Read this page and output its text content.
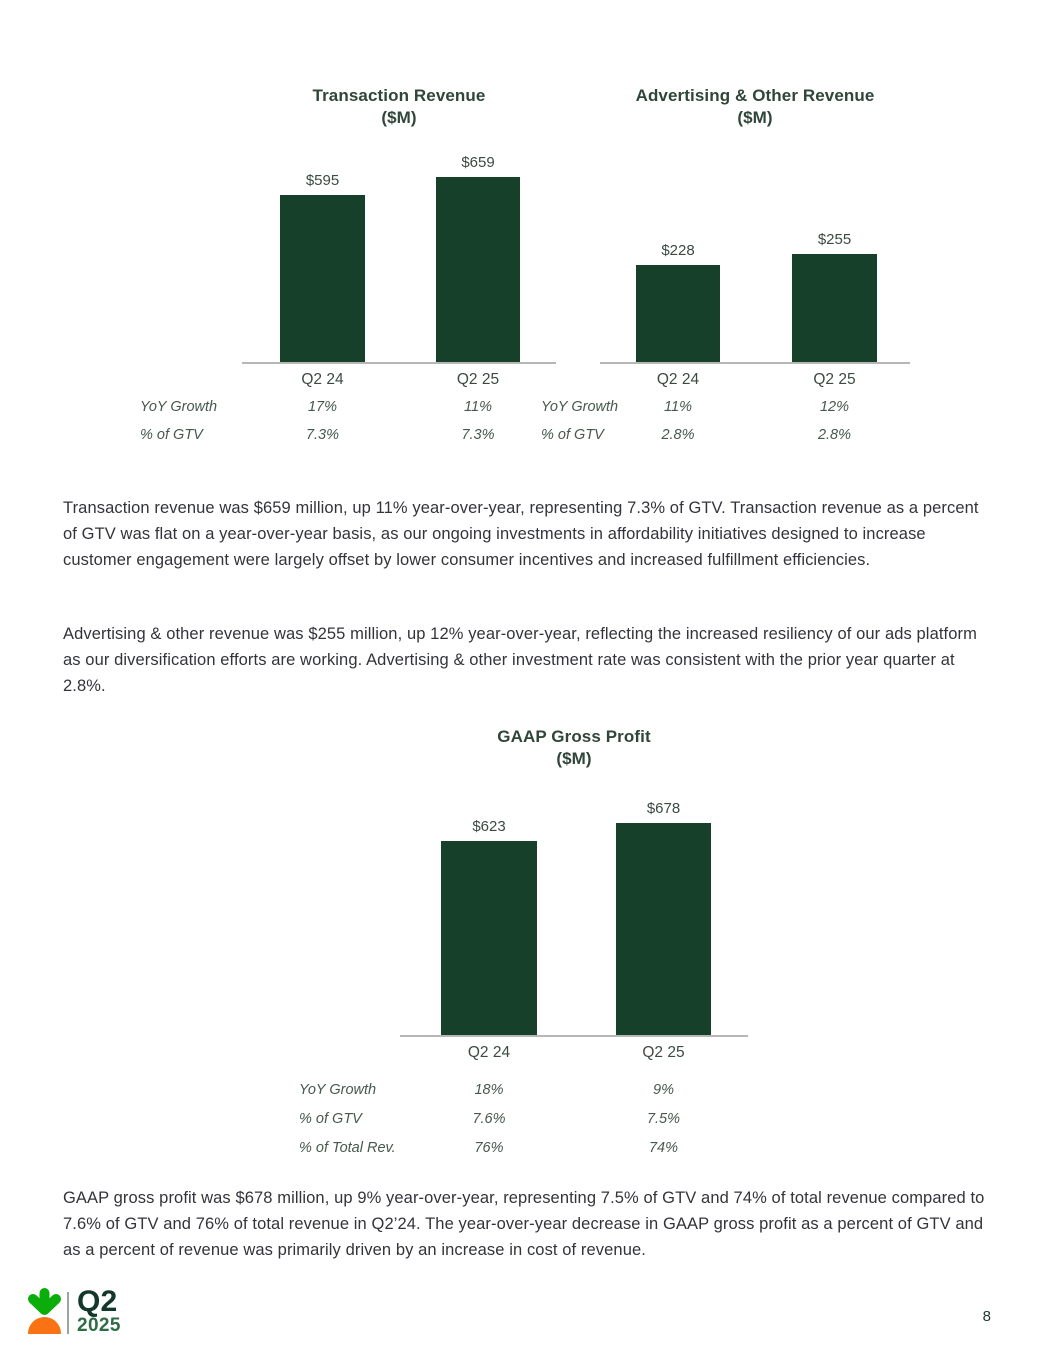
Transaction Revenue
($M)
$595
$659
Q2 24	Q2 25
YoY Growth	17%	11%
% of GTV	7.3%	7.3%
Advertising & Other Revenue
($M)
$228
$255
Q2 24	Q2 25
YoY Growth	11%	12%
% of GTV	2.8%	2.8%

Transaction revenue was $659 million, up 11% year-over-year, representing 7.3% of GTV. Transaction revenue as a percent of GTV was flat on a year-over-year basis, as our ongoing investments in affordability initiatives designed to increase customer engagement were largely offset by lower consumer incentives and increased fulfillment efficiencies.

Advertising & other revenue was $255 million, up 12% year-over-year, reflecting the increased resiliency of our ads platform as our diversification efforts are working. Advertising & other investment rate was consistent with the prior year quarter at 2.8%.

GAAP Gross Profit
($M)
$623
$678
Q2 24	Q2 25
YoY Growth	18%	9%
% of GTV	7.6%	7.5%
% of Total Rev.	76%	74%

GAAP gross profit was $678 million, up 9% year-over-year, representing 7.5% of GTV and 74% of total revenue compared to 7.6% of GTV and 76% of total revenue in Q2’24. The year-over-year decrease in GAAP gross profit as a percent of GTV and as a percent of revenue was primarily driven by an increase in cost of revenue.

Q2
2025	8
